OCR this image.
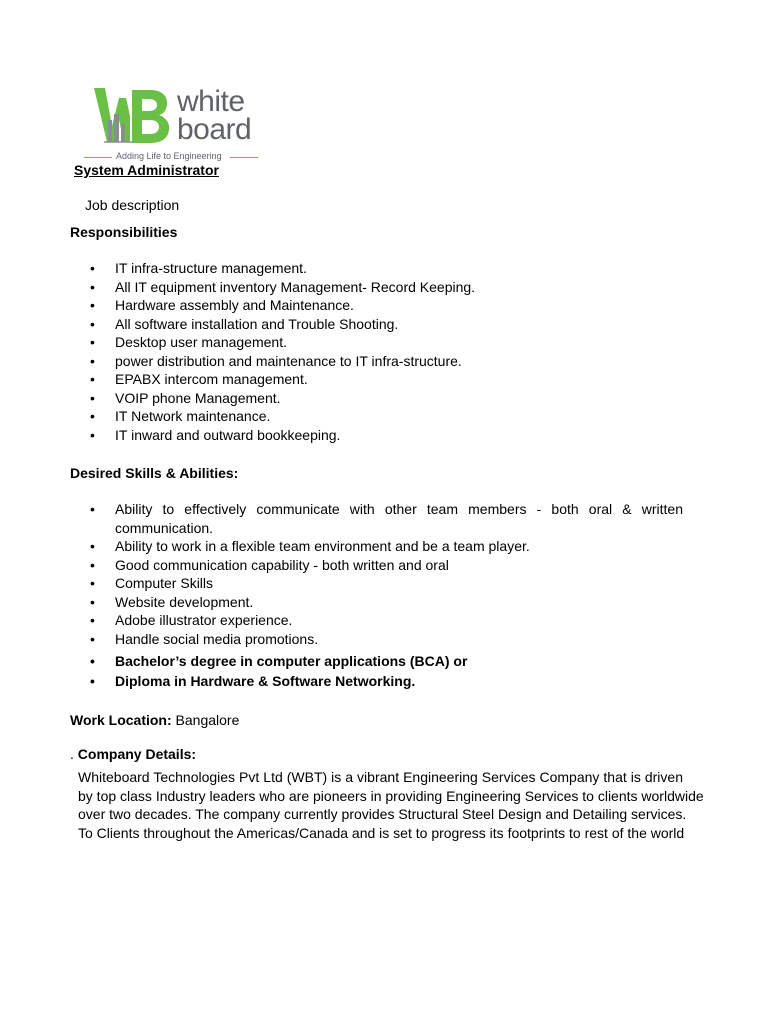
white
board
Adding Life to Engineering
System Administrator
Job description
Responsibilities
• IT infra-structure management.
• All IT equipment inventory Management- Record Keeping.
• Hardware assembly and Maintenance.
• All software installation and Trouble Shooting.
• Desktop user management.
• power distribution and maintenance to IT infra-structure.
• EPABX intercom management.
• VOIP phone Management.
• IT Network maintenance.
• IT inward and outward bookkeeping.
Desired Skills & Abilities:
• Ability to effectively communicate with other team members - both oral & written communication.
• Ability to work in a flexible team environment and be a team player.
• Good communication capability - both written and oral
• Computer Skills
• Website development.
• Adobe illustrator experience.
• Handle social media promotions.
• Bachelor’s degree in computer applications (BCA) or
• Diploma in Hardware & Software Networking.
Work Location: Bangalore
. Company Details:
Whiteboard Technologies Pvt Ltd (WBT) is a vibrant Engineering Services Company that is driven
by top class Industry leaders who are pioneers in providing Engineering Services to clients worldwide
over two decades. The company currently provides Structural Steel Design and Detailing services.
To Clients throughout the Americas/Canada and is set to progress its footprints to rest of the world
